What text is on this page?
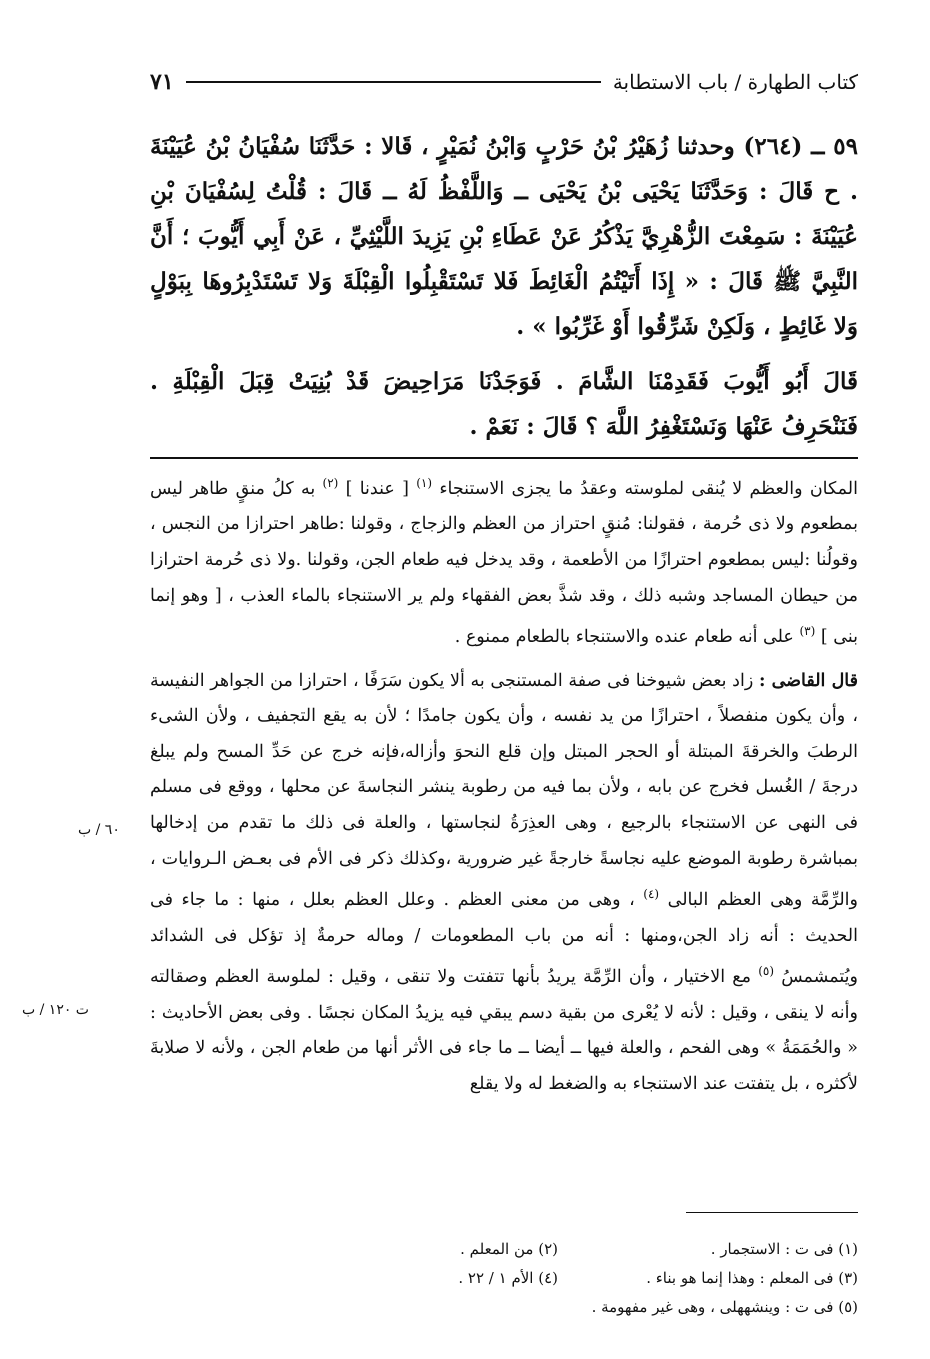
كتاب الطهارة / باب الاستطابة
٧١

٥٩ ــ (٢٦٤) وحدثنا زُهَيْرُ بْنُ حَرْبٍ وَابْنُ نُمَيْرٍ ، قَالا : حَدَّثَنَا سُفْيَانُ بْنُ عُيَيْنَةَ . ح قَالَ : وَحَدَّثَنَا يَحْيَى بْنُ يَحْيَى ــ وَاللَّفْظُ لَهُ ــ قَالَ : قُلْتُ لِسُفْيَانَ بْنِ عُيَيْنَةَ : سَمِعْتَ الزُّهْرِيَّ يَذْكُرُ عَنْ عَطَاءِ بْنِ يَزِيدَ اللَّيْثِيِّ ، عَنْ أَبِي أَيُّوبَ ؛ أَنَّ النَّبِيَّ ﷺ قَالَ : « إِذَا أَتَيْتُمُ الْغَائِطَ فَلا تَسْتَقْبِلُوا الْقِبْلَةَ وَلا تَسْتَدْبِرُوهَا بِبَوْلٍ وَلا غَائِطٍ ، وَلَكِنْ شَرِّقُوا أَوْ غَرِّبُوا » .

قَالَ أَبُو أَيُّوبَ فَقَدِمْنَا الشَّامَ . فَوَجَدْنَا مَرَاحِيضَ قَدْ بُنِيَتْ قِبَلَ الْقِبْلَةِ . فَنَنْحَرِفُ عَنْهَا وَنَسْتَغْفِرُ اللَّهَ ؟ قَالَ : نَعَمْ .

المكان والعظم لا يُنقى لملوسته وعقدُ ما يجزى الاستنجاء $^{(١)}$ [ عندنا ] $^{(٢)}$ به كلُ منقٍ طاهر ليس بمطعوم ولا ذى حُرمة ، فقولنا: مُنقٍ احتراز من العظم والزجاج ، وقولنا :طاهر احترازا من النجس ، وقولُنا :ليس بمطعوم احترازًا من الأطعمة ، وقد يدخل فيه طعام الجن، وقولنا .ولا ذى حُرمة احترازا من حيطان المساجد وشبه ذلك ، وقد شذَّ بعض الفقهاء ولم ير الاستنجاء بالماء العذب ، [ وهو إنما بنى ] $^{(٣)}$ على أنه طعام عنده والاستنجاء بالطعام ممنوع .

قال القاضى : زاد بعض شيوخنا فى صفة المستنجى به ألا يكون سَرَفًا ، احترازا من الجواهر النفيسة ، وأن يكون منفصلاً ، احترازًا من يد نفسه ، وأن يكون جامدًا ؛ لأن به يقع التجفيف ، ولأن الشىء الرطبَ والخرقةَ المبتلة أو الحجر المبتل وإن قلع النحوَ وأزاله،فإنه خرج عن حَدِّ المسح ولم يبلغ درجةَ / الغُسل فخرج عن بابه ، ولأن بما فيه من رطوبة ينشر النجاسةَ عن محلها ، ووقع فى مسلم فى النهى عن الاستنجاء بالرجيع ، وهى العذِرَةُ لنجاستها ، والعلة فى ذلك ما تقدم من إدخالها بمباشرة رطوبة الموضع عليه نجاسةً خارجةً غير ضرورية ،وكذلك ذكر فى الأم فى بعـض الـروايات ، والرِّمَّة وهى العظم البالى $^{(٤)}$ ، وهى من معنى العظم . وعلل العظم بعلل ، منها : ما جاء فى الحديث : أنه زاد الجن،ومنها : أنه من باب المطعومات / وماله حرمةٌ إذ تؤكل فى الشدائد ويُتمشمسُ $^{(٥)}$ مع الاختيار ، وأن الرِّمَّة يريدُ بأنها تتفتت ولا تنقى ، وقيل : لملوسة العظم وصقالته وأنه لا ينقى ، وقيل : لأنه لا يُعْرى من بقية دسم يبقي فيه يزيدُ المكان نجسًا . وفى بعض الأحاديث : « والحُمَمَةُ » وهى الفحم ، والعلة فيها ــ أيضا ــ ما جاء فى الأثر أنها من طعام الجن ، ولأنه لا صلابةَ لأكثره ، بل يتفتت عند الاستنجاء به والضغط له ولا يقلع

٦٠ / ب
ت ١٢٠ / ب
(١) فى ت : الاستجمار .
(٢) من المعلم .
(٣) فى المعلم : وهذا إنما هو بناء .
(٤) الأم ١ / ٢٢ .
(٥) فى ت : وينشههلى ، وهى غير مفهومة .
